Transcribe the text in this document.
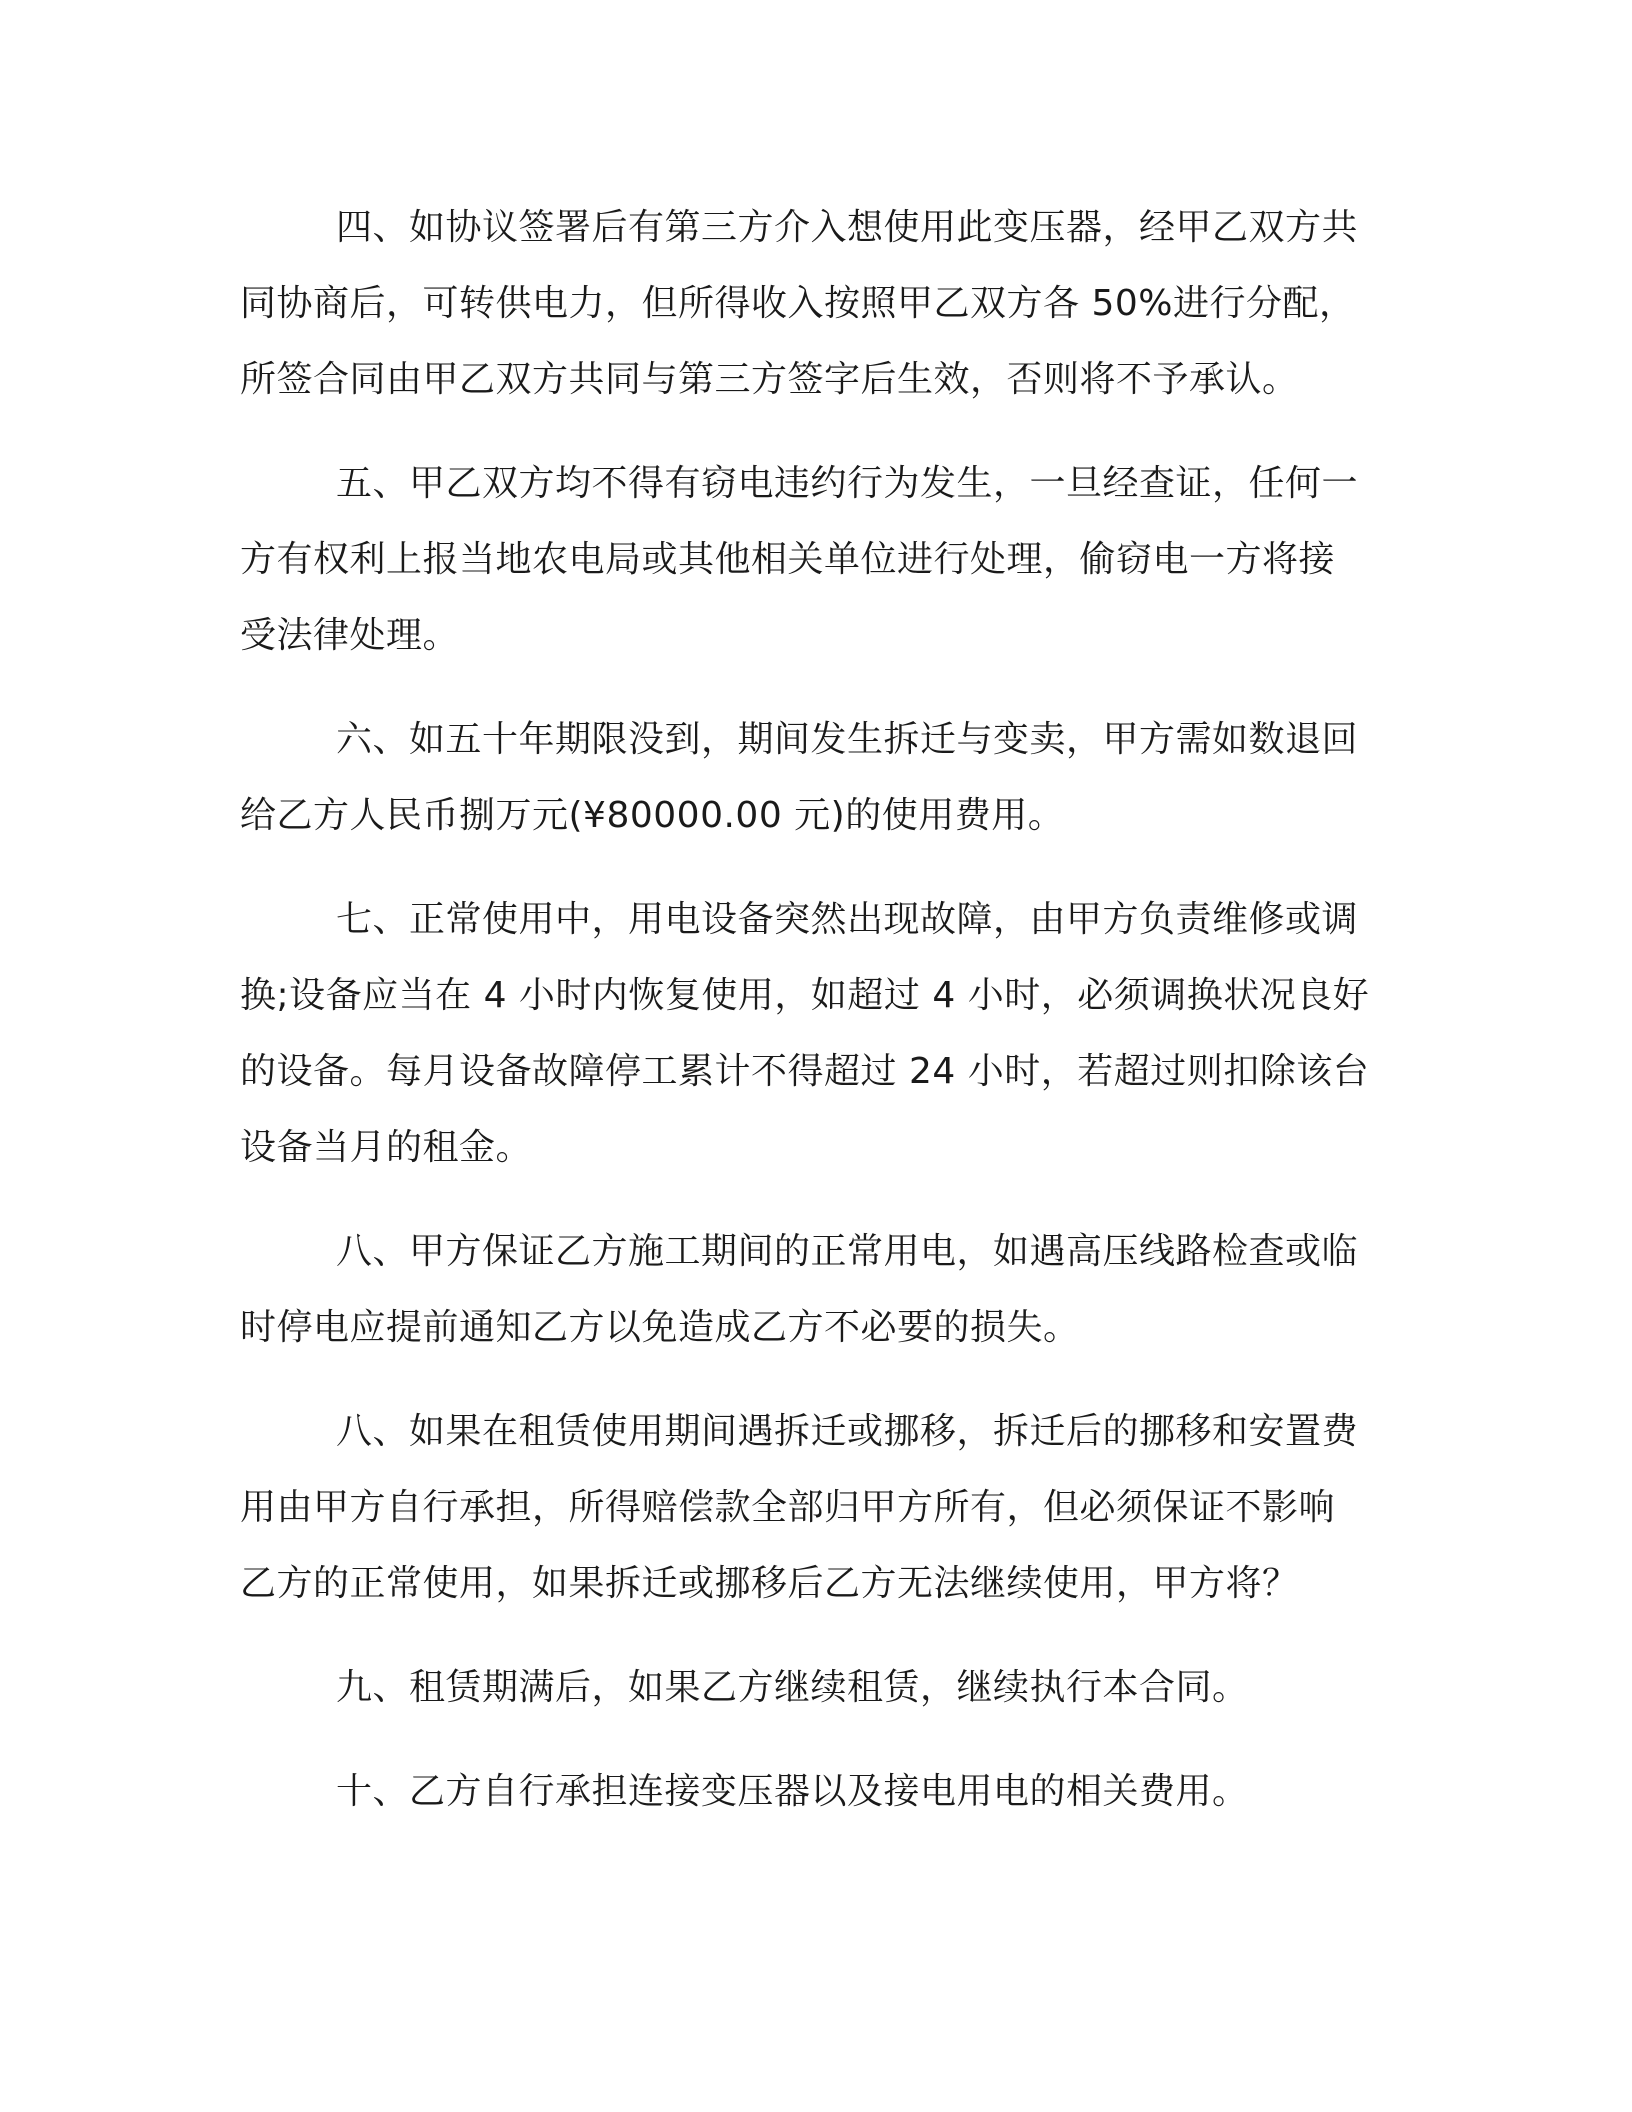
四、如协议签署后有第三方介入想使用此变压器，经甲乙双方共
同协商后，可转供电力，但所得收入按照甲乙双方各 50%进行分配，
所签合同由甲乙双方共同与第三方签字后生效，否则将不予承认。
五、甲乙双方均不得有窃电违约行为发生，一旦经查证，任何一
方有权利上报当地农电局或其他相关单位进行处理，偷窃电一方将接
受法律处理。
六、如五十年期限没到，期间发生拆迁与变卖，甲方需如数退回
给乙方人民币捌万元(¥80000.00 元)的使用费用。
七、正常使用中，用电设备突然出现故障，由甲方负责维修或调
换;设备应当在 4 小时内恢复使用，如超过 4 小时，必须调换状况良好
的设备。每月设备故障停工累计不得超过 24 小时，若超过则扣除该台
设备当月的租金。
八、甲方保证乙方施工期间的正常用电，如遇高压线路检查或临
时停电应提前通知乙方以免造成乙方不必要的损失。
八、如果在租赁使用期间遇拆迁或挪移，拆迁后的挪移和安置费
用由甲方自行承担，所得赔偿款全部归甲方所有，但必须保证不影响
乙方的正常使用，如果拆迁或挪移后乙方无法继续使用，甲方将？
九、租赁期满后，如果乙方继续租赁，继续执行本合同。
十、乙方自行承担连接变压器以及接电用电的相关费用。
